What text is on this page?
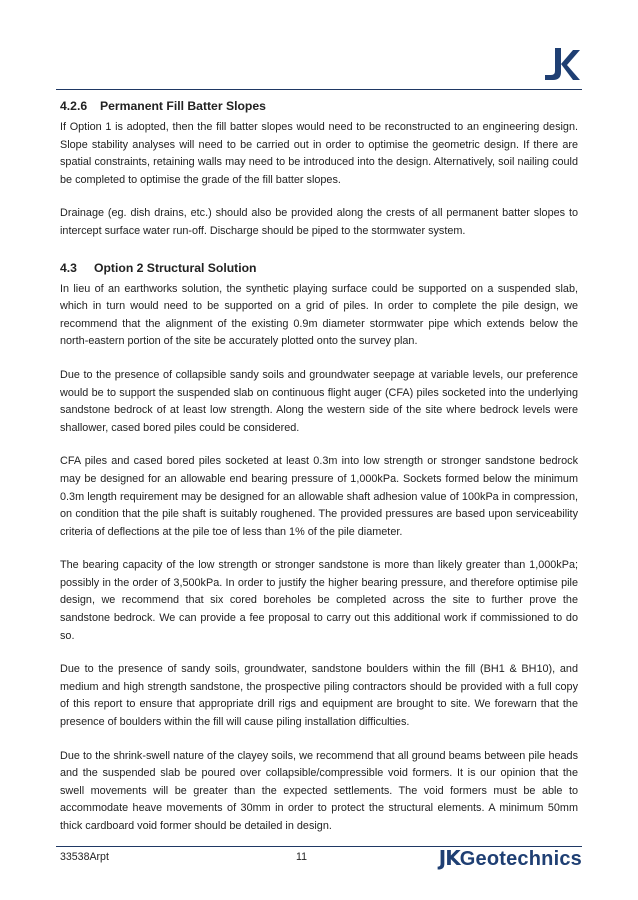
4.2.6 Permanent Fill Batter Slopes

If Option 1 is adopted, then the fill batter slopes would need to be reconstructed to an engineering design. Slope stability analyses will need to be carried out in order to optimise the geometric design. If there are spatial constraints, retaining walls may need to be introduced into the design. Alternatively, soil nailing could be completed to optimise the grade of the fill batter slopes.

Drainage (eg. dish drains, etc.) should also be provided along the crests of all permanent batter slopes to intercept surface water run-off. Discharge should be piped to the stormwater system.

4.3 Option 2 Structural Solution

In lieu of an earthworks solution, the synthetic playing surface could be supported on a suspended slab, which in turn would need to be supported on a grid of piles. In order to complete the pile design, we recommend that the alignment of the existing 0.9m diameter stormwater pipe which extends below the north-eastern portion of the site be accurately plotted onto the survey plan.

Due to the presence of collapsible sandy soils and groundwater seepage at variable levels, our preference would be to support the suspended slab on continuous flight auger (CFA) piles socketed into the underlying sandstone bedrock of at least low strength. Along the western side of the site where bedrock levels were shallower, cased bored piles could be considered.

CFA piles and cased bored piles socketed at least 0.3m into low strength or stronger sandstone bedrock may be designed for an allowable end bearing pressure of 1,000kPa. Sockets formed below the minimum 0.3m length requirement may be designed for an allowable shaft adhesion value of 100kPa in compression, on condition that the pile shaft is suitably roughened. The provided pressures are based upon serviceability criteria of deflections at the pile toe of less than 1% of the pile diameter.

The bearing capacity of the low strength or stronger sandstone is more than likely greater than 1,000kPa; possibly in the order of 3,500kPa. In order to justify the higher bearing pressure, and therefore optimise pile design, we recommend that six cored boreholes be completed across the site to further prove the sandstone bedrock. We can provide a fee proposal to carry out this additional work if commissioned to do so.

Due to the presence of sandy soils, groundwater, sandstone boulders within the fill (BH1 & BH10), and medium and high strength sandstone, the prospective piling contractors should be provided with a full copy of this report to ensure that appropriate drill rigs and equipment are brought to site. We forewarn that the presence of boulders within the fill will cause piling installation difficulties.

Due to the shrink-swell nature of the clayey soils, we recommend that all ground beams between pile heads and the suspended slab be poured over collapsible/compressible void formers. It is our opinion that the swell movements will be greater than the expected settlements. The void formers must be able to accommodate heave movements of 30mm in order to protect the structural elements. A minimum 50mm thick cardboard void former should be detailed in design.

33538Arpt	11	JKGeotechnics
